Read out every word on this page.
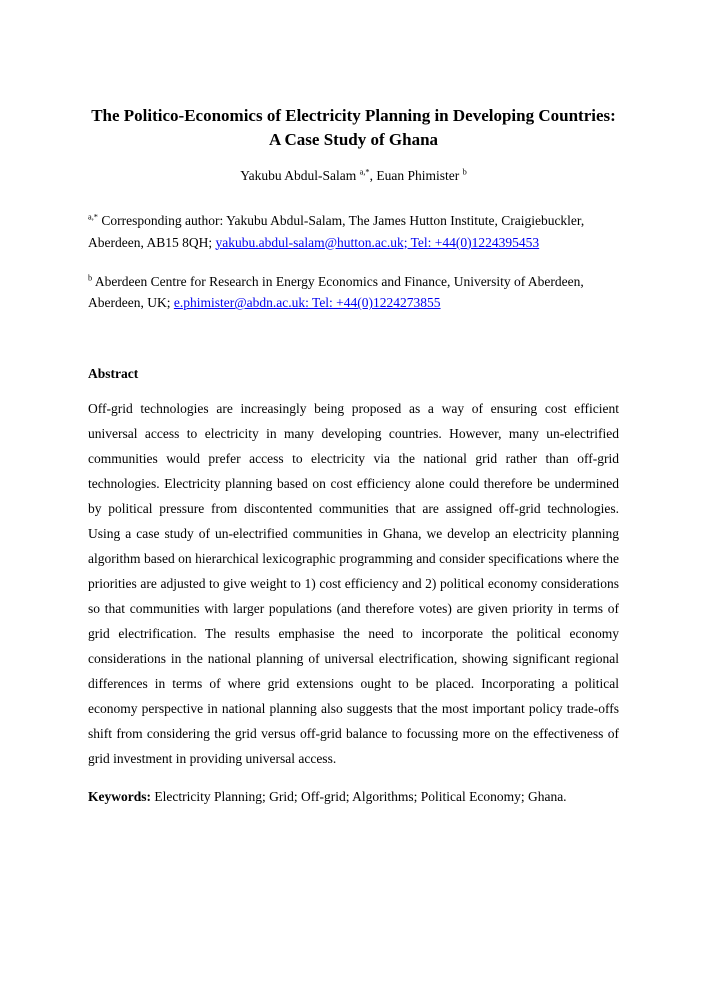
The Politico-Economics of Electricity Planning in Developing Countries: A Case Study of Ghana

Yakubu Abdul-Salam $^{a,*}$, Euan Phimister $^b$

$^{a,*}$ Corresponding author: Yakubu Abdul-Salam, The James Hutton Institute, Craigiebuckler, Aberdeen, AB15 8QH; yakubu.abdul-salam@hutton.ac.uk; Tel: +44(0)1224395453

$^b$ Aberdeen Centre for Research in Energy Economics and Finance, University of Aberdeen, Aberdeen, UK; e.phimister@abdn.ac.uk: Tel: +44(0)1224273855

Abstract

Off-grid technologies are increasingly being proposed as a way of ensuring cost efficient universal access to electricity in many developing countries. However, many un-electrified communities would prefer access to electricity via the national grid rather than off-grid technologies. Electricity planning based on cost efficiency alone could therefore be undermined by political pressure from discontented communities that are assigned off-grid technologies. Using a case study of un-electrified communities in Ghana, we develop an electricity planning algorithm based on hierarchical lexicographic programming and consider specifications where the priorities are adjusted to give weight to 1) cost efficiency and 2) political economy considerations so that communities with larger populations (and therefore votes) are given priority in terms of grid electrification. The results emphasise the need to incorporate the political economy considerations in the national planning of universal electrification, showing significant regional differences in terms of where grid extensions ought to be placed. Incorporating a political economy perspective in national planning also suggests that the most important policy trade-offs shift from considering the grid versus off-grid balance to focussing more on the effectiveness of grid investment in providing universal access.

Keywords: Electricity Planning; Grid; Off-grid; Algorithms; Political Economy; Ghana.
